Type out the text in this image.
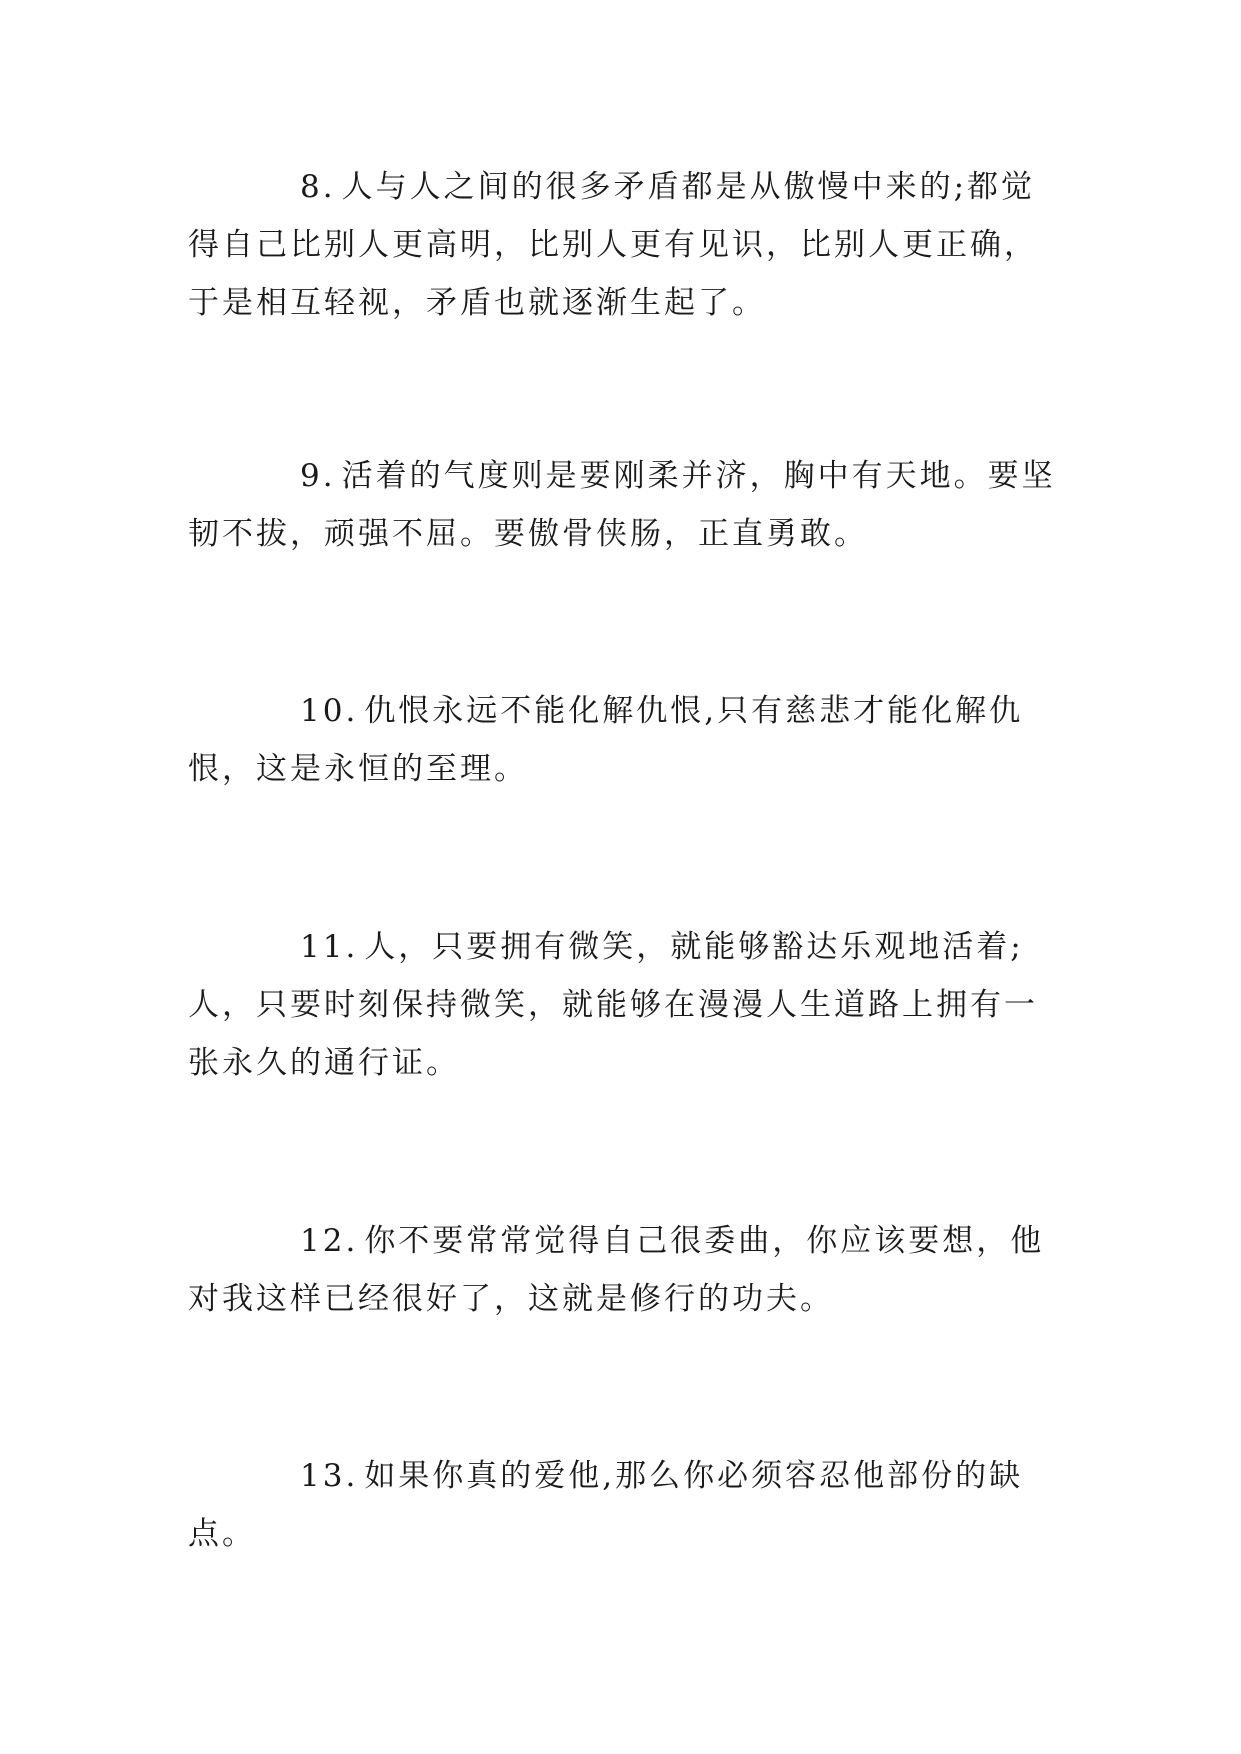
8. 人与人之间的很多矛盾都是从傲慢中来的;都觉得自己比别人更高明，比别人更有见识，比别人更正确，于是相互轻视，矛盾也就逐渐生起了。

9. 活着的气度则是要刚柔并济，胸中有天地。要坚韧不拔，顽强不屈。要傲骨侠肠，正直勇敢。

10. 仇恨永远不能化解仇恨,只有慈悲才能化解仇恨，这是永恒的至理。

11. 人，只要拥有微笑，就能够豁达乐观地活着;人，只要时刻保持微笑，就能够在漫漫人生道路上拥有一张永久的通行证。

12. 你不要常常觉得自己很委曲，你应该要想，他对我这样已经很好了，这就是修行的功夫。

13. 如果你真的爱他,那么你必须容忍他部份的缺点。
